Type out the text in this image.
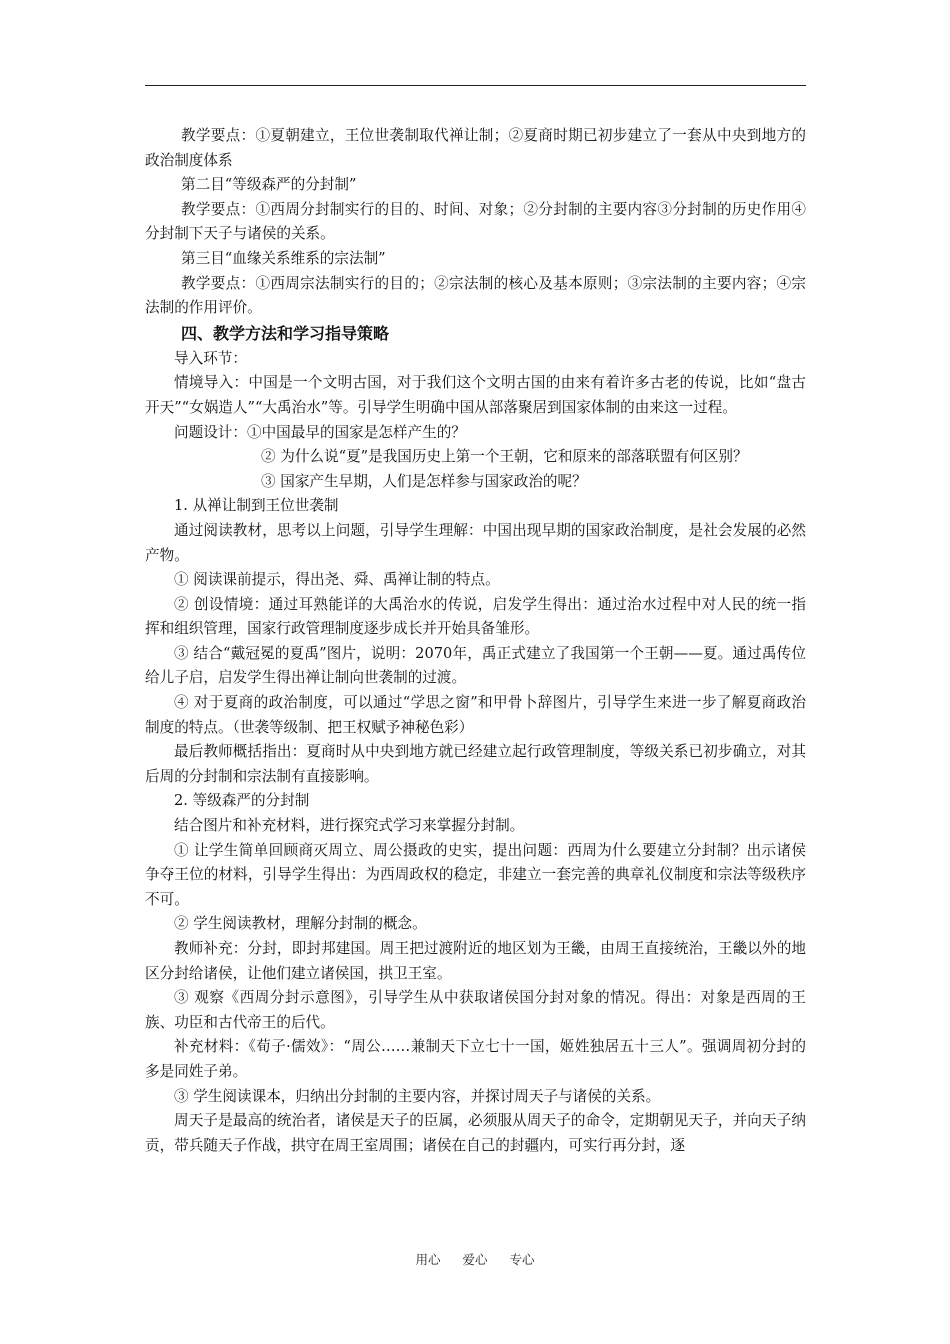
教学要点：①夏朝建立，王位世袭制取代禅让制；②夏商时期已初步建立了一套从中央到地方的政治制度体系

第二目“等级森严的分封制”

教学要点：①西周分封制实行的目的、时间、对象；②分封制的主要内容③分封制的历史作用④分封制下天子与诸侯的关系。

第三目“血缘关系维系的宗法制”

教学要点：①西周宗法制实行的目的；②宗法制的核心及基本原则；③宗法制的主要内容；④宗法制的作用评价。

四、教学方法和学习指导策略

导入环节：

情境导入：中国是一个文明古国，对于我们这个文明古国的由来有着许多古老的传说，比如“盘古开天”“女娲造人”“大禹治水”等。引导学生明确中国从部落聚居到国家体制的由来这一过程。

问题设计：①中国最早的国家是怎样产生的？

② 为什么说“夏”是我国历史上第一个王朝，它和原来的部落联盟有何区别？

③ 国家产生早期，人们是怎样参与国家政治的呢？

1. 从禅让制到王位世袭制

通过阅读教材，思考以上问题，引导学生理解：中国出现早期的国家政治制度，是社会发展的必然产物。

① 阅读课前提示，得出尧、舜、禹禅让制的特点。

② 创设情境：通过耳熟能详的大禹治水的传说，启发学生得出：通过治水过程中对人民的统一指挥和组织管理，国家行政管理制度逐步成长并开始具备雏形。

③ 结合“戴冠冕的夏禹”图片，说明：2070年，禹正式建立了我国第一个王朝——夏。通过禹传位给儿子启，启发学生得出禅让制向世袭制的过渡。

④ 对于夏商的政治制度，可以通过“学思之窗”和甲骨卜辞图片，引导学生来进一步了解夏商政治制度的特点。（世袭等级制、把王权赋予神秘色彩）

最后教师概括指出：夏商时从中央到地方就已经建立起行政管理制度，等级关系已初步确立，对其后周的分封制和宗法制有直接影响。

2. 等级森严的分封制

结合图片和补充材料，进行探究式学习来掌握分封制。

① 让学生简单回顾商灭周立、周公摄政的史实，提出问题：西周为什么要建立分封制？出示诸侯争夺王位的材料，引导学生得出：为西周政权的稳定，非建立一套完善的典章礼仪制度和宗法等级秩序不可。

② 学生阅读教材，理解分封制的概念。

教师补充：分封，即封邦建国。周王把过渡附近的地区划为王畿，由周王直接统治，王畿以外的地区分封给诸侯，让他们建立诸侯国，拱卫王室。

③ 观察《西周分封示意图》，引导学生从中获取诸侯国分封对象的情况。得出：对象是西周的王族、功臣和古代帝王的后代。

补充材料：《荀子·儒效》：“周公……兼制天下立七十一国，姬姓独居五十三人”。强调周初分封的多是同姓子弟。

③ 学生阅读课本，归纳出分封制的主要内容，并探讨周天子与诸侯的关系。

周天子是最高的统治者，诸侯是天子的臣属，必须服从周天子的命令，定期朝见天子，并向天子纳贡，带兵随天子作战，拱守在周王室周围；诸侯在自己的封疆内，可实行再分封，逐

用心 爱心 专心
